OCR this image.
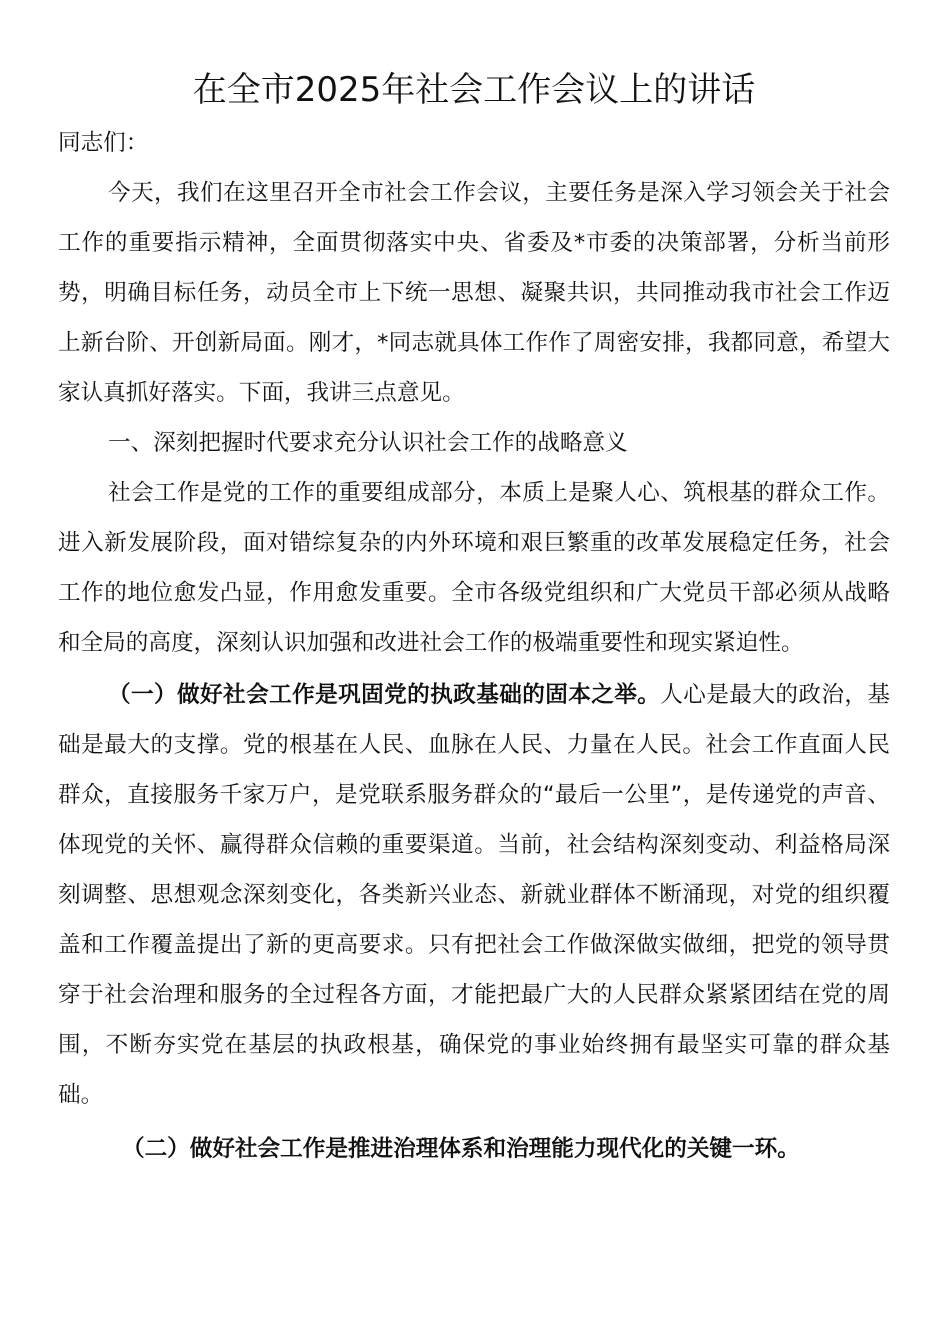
在全市2025年社会工作会议上的讲话

同志们：

今天，我们在这里召开全市社会工作会议，主要任务是深入学习领会关于社会工作的重要指示精神，全面贯彻落实中央、省委及*市委的决策部署，分析当前形势，明确目标任务，动员全市上下统一思想、凝聚共识，共同推动我市社会工作迈上新台阶、开创新局面。刚才，*同志就具体工作作了周密安排，我都同意，希望大家认真抓好落实。下面，我讲三点意见。

一、深刻把握时代要求充分认识社会工作的战略意义

社会工作是党的工作的重要组成部分，本质上是聚人心、筑根基的群众工作。进入新发展阶段，面对错综复杂的内外环境和艰巨繁重的改革发展稳定任务，社会工作的地位愈发凸显，作用愈发重要。全市各级党组织和广大党员干部必须从战略和全局的高度，深刻认识加强和改进社会工作的极端重要性和现实紧迫性。

（一）做好社会工作是巩固党的执政基础的固本之举。人心是最大的政治，基础是最大的支撑。党的根基在人民、血脉在人民、力量在人民。社会工作直面人民群众，直接服务千家万户，是党联系服务群众的“最后一公里”，是传递党的声音、体现党的关怀、赢得群众信赖的重要渠道。当前，社会结构深刻变动、利益格局深刻调整、思想观念深刻变化，各类新兴业态、新就业群体不断涌现，对党的组织覆盖和工作覆盖提出了新的更高要求。只有把社会工作做深做实做细，把党的领导贯穿于社会治理和服务的全过程各方面，才能把最广大的人民群众紧紧团结在党的周围，不断夯实党在基层的执政根基，确保党的事业始终拥有最坚实可靠的群众基础。

（二）做好社会工作是推进治理体系和治理能力现代化的关键一环。
